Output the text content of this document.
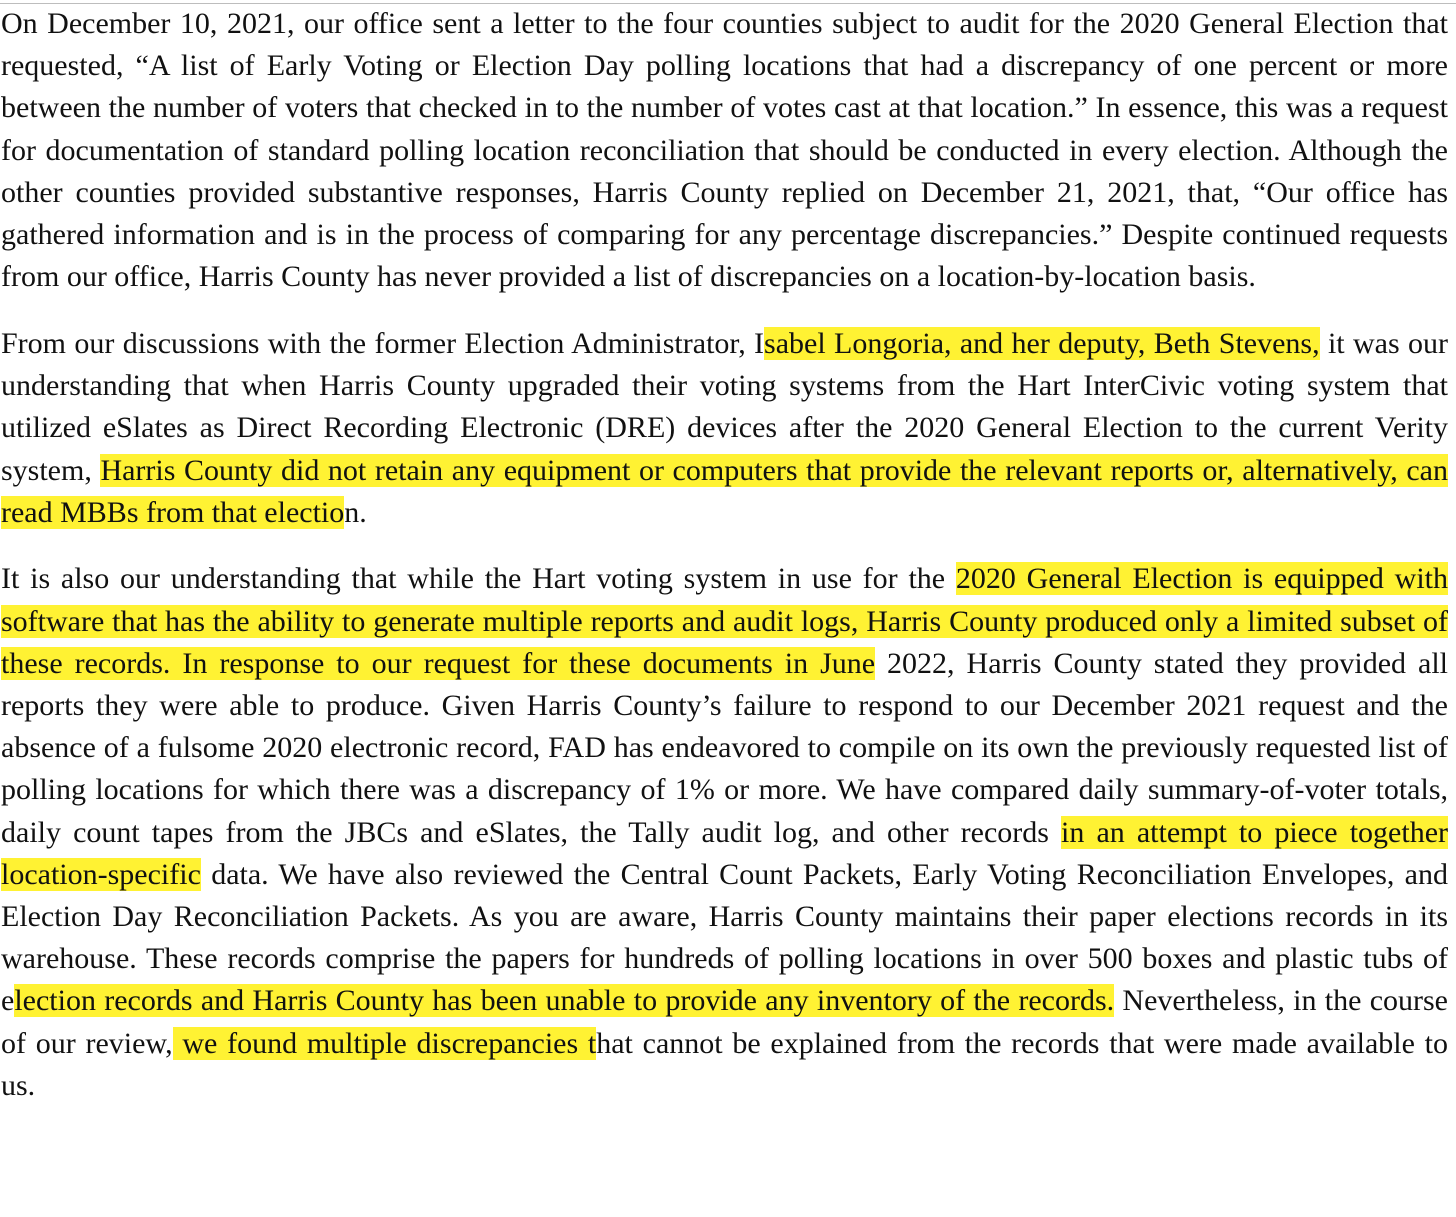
On December 10, 2021, our office sent a letter to the four counties subject to audit for the 2020 General Election that requested, “A list of Early Voting or Election Day polling locations that had a discrepancy of one percent or more between the number of voters that checked in to the number of votes cast at that location.” In essence, this was a request for documentation of standard polling location reconciliation that should be conducted in every election. Although the other counties provided substantive responses, Harris County replied on December 21, 2021, that, “Our office has gathered information and is in the process of comparing for any percentage discrepancies.” Despite continued requests from our office, Harris County has never provided a list of discrepancies on a location-by-location basis.

From our discussions with the former Election Administrator, Isabel Longoria, and her deputy, Beth Stevens, it was our understanding that when Harris County upgraded their voting systems from the Hart InterCivic voting system that utilized eSlates as Direct Recording Electronic (DRE) devices after the 2020 General Election to the current Verity system, Harris County did not retain any equipment or computers that provide the relevant reports or, alternatively, can read MBBs from that election.

It is also our understanding that while the Hart voting system in use for the 2020 General Election is equipped with software that has the ability to generate multiple reports and audit logs, Harris County produced only a limited subset of these records. In response to our request for these documents in June 2022, Harris County stated they provided all reports they were able to produce. Given Harris County’s failure to respond to our December 2021 request and the absence of a fulsome 2020 electronic record, FAD has endeavored to compile on its own the previously requested list of polling locations for which there was a discrepancy of 1% or more. We have compared daily summary-of-voter totals, daily count tapes from the JBCs and eSlates, the Tally audit log, and other records in an attempt to piece together location-specific data. We have also reviewed the Central Count Packets, Early Voting Reconciliation Envelopes, and Election Day Reconciliation Packets. As you are aware, Harris County maintains their paper elections records in its warehouse. These records comprise the papers for hundreds of polling locations in over 500 boxes and plastic tubs of election records and Harris County has been unable to provide any inventory of the records. Nevertheless, in the course of our review, we found multiple discrepancies that cannot be explained from the records that were made available to us.
